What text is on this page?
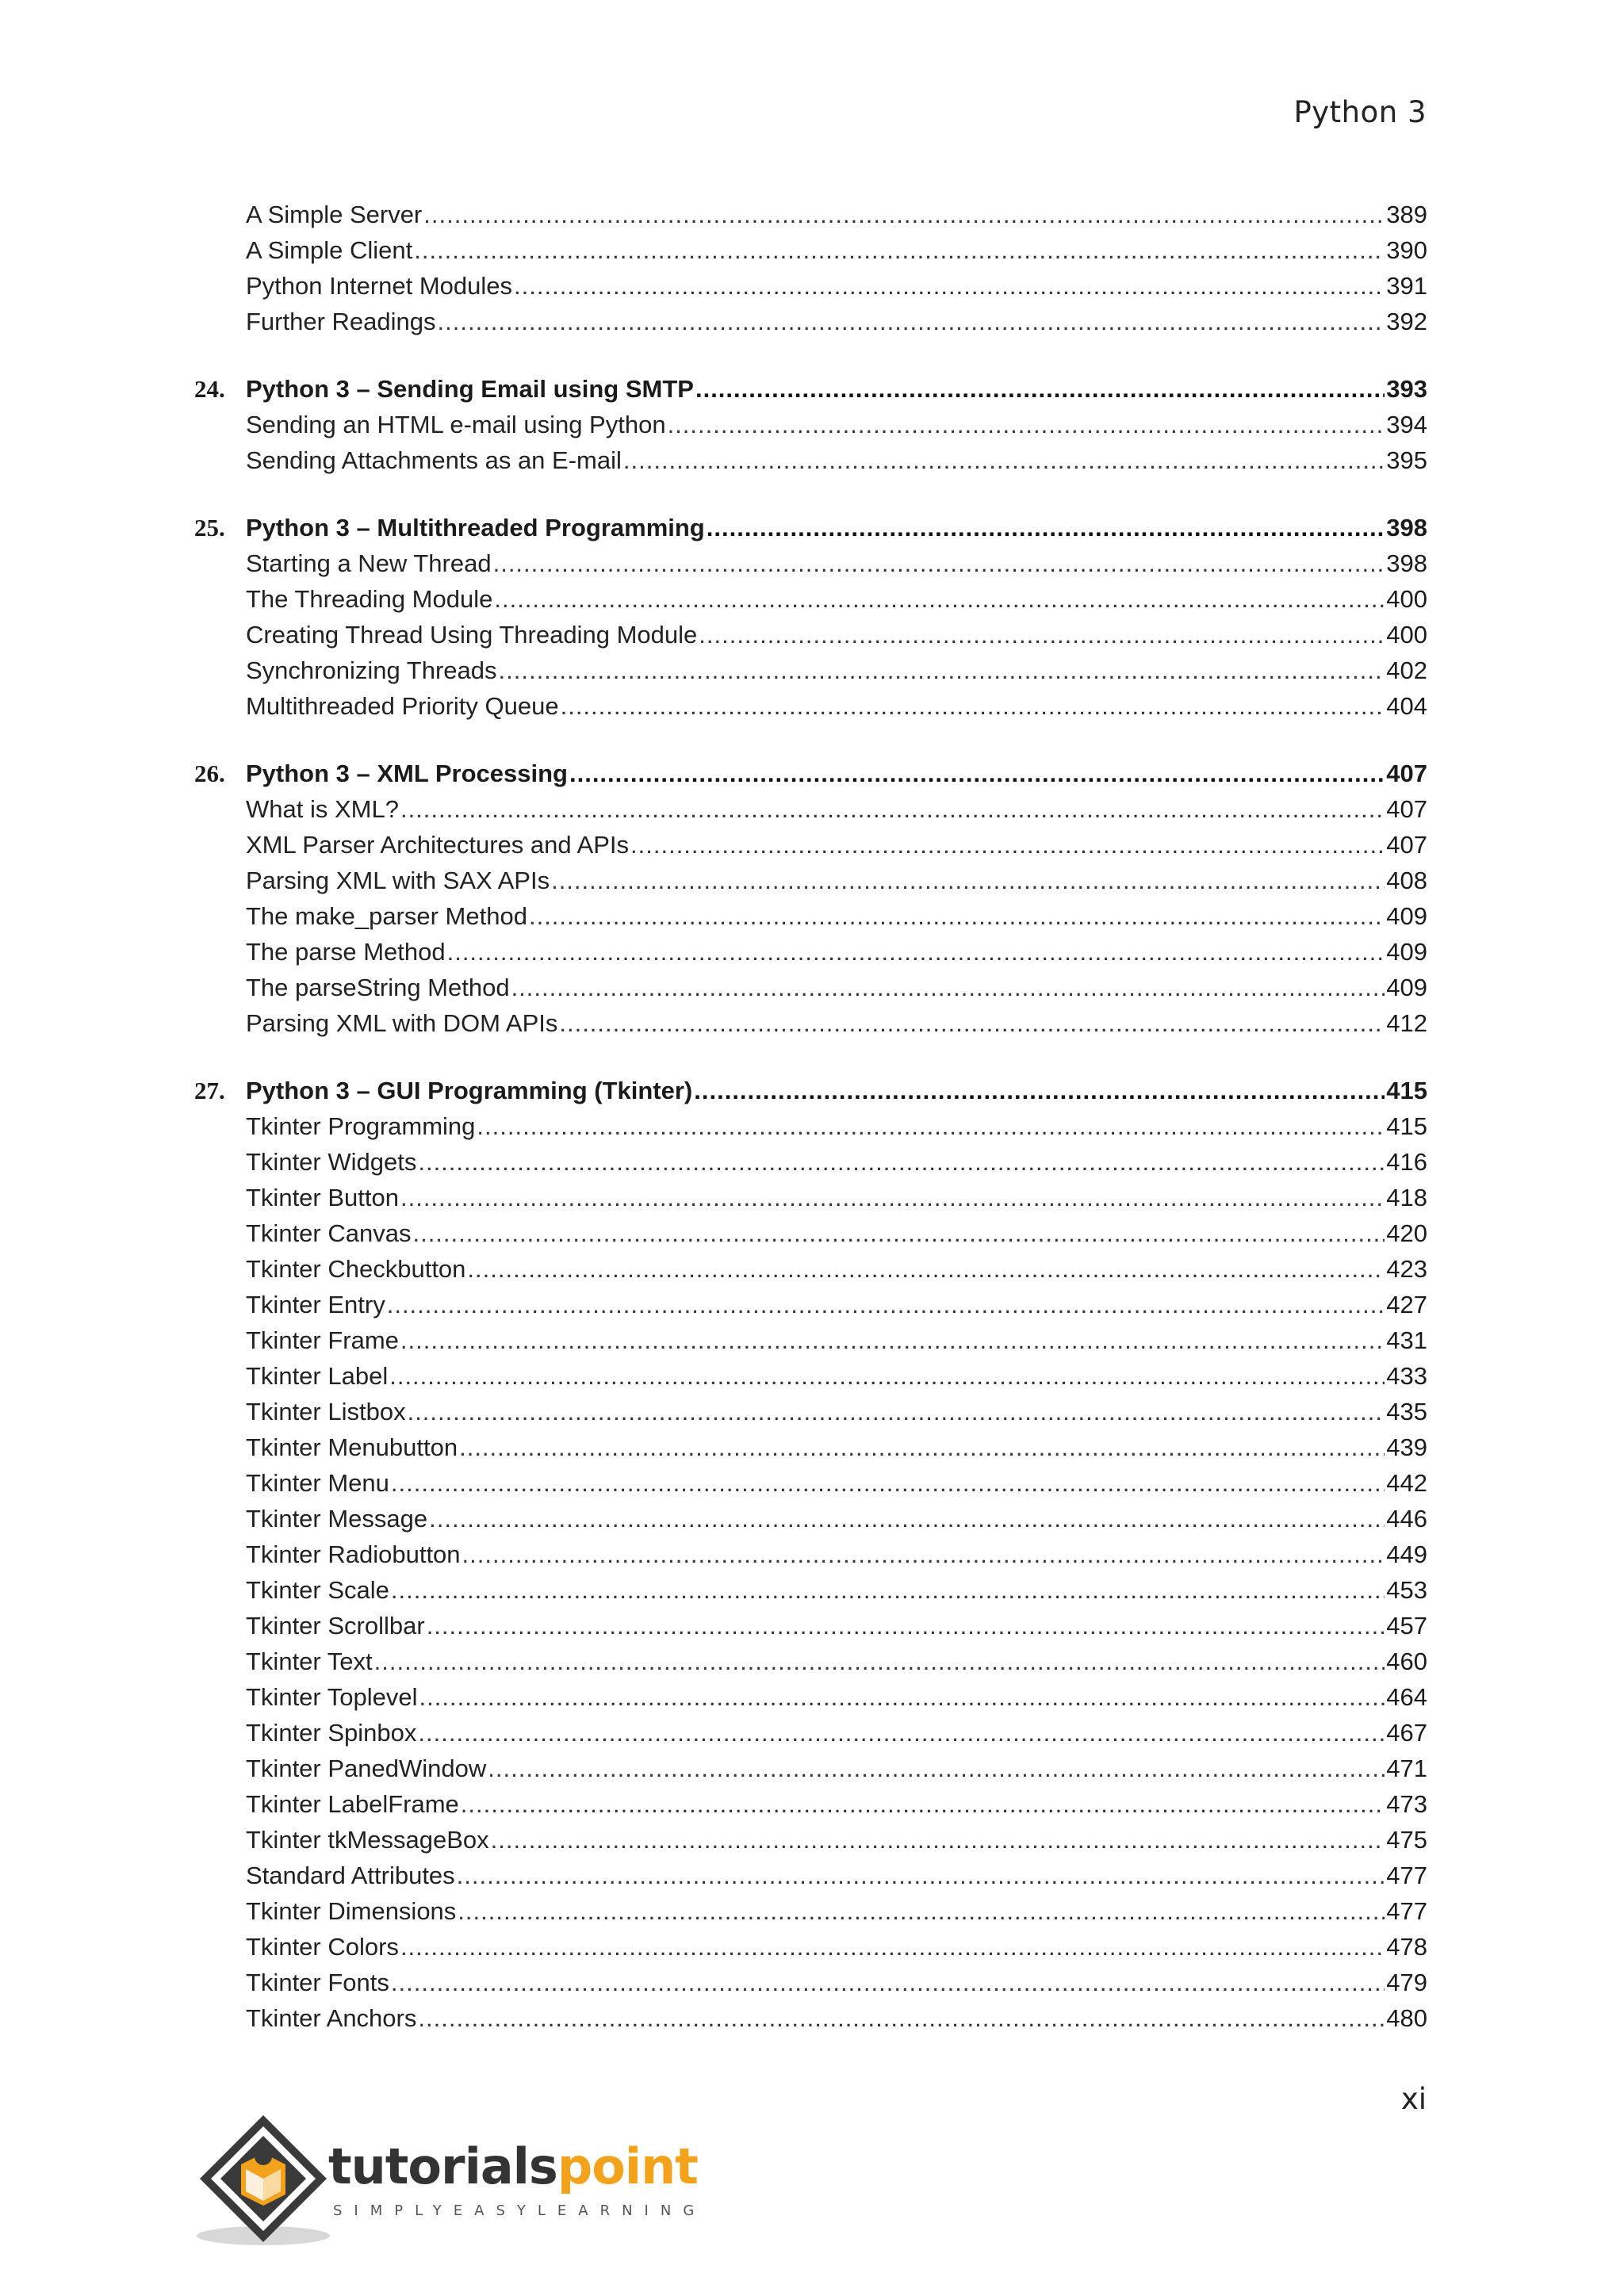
Python 3
A Simple Server .....	389
A Simple Client .....	390
Python Internet Modules .....	391
Further Readings .....	392
24. Python 3 – Sending Email using SMTP .....	393
Sending an HTML e-mail using Python .....	394
Sending Attachments as an E-mail .....	395
25. Python 3 – Multithreaded Programming .....	398
Starting a New Thread .....	398
The Threading Module .....	400
Creating Thread Using Threading Module .....	400
Synchronizing Threads .....	402
Multithreaded Priority Queue .....	404
26. Python 3 – XML Processing .....	407
What is XML? .....	407
XML Parser Architectures and APIs .....	407
Parsing XML with SAX APIs .....	408
The make_parser Method .....	409
The parse Method .....	409
The parseString Method .....	409
Parsing XML with DOM APIs .....	412
27. Python 3 – GUI Programming (Tkinter) .....	415
Tkinter Programming .....	415
Tkinter Widgets .....	416
Tkinter Button .....	418
Tkinter Canvas .....	420
Tkinter Checkbutton .....	423
Tkinter Entry .....	427
Tkinter Frame .....	431
Tkinter Label .....	433
Tkinter Listbox .....	435
Tkinter Menubutton .....	439
Tkinter Menu .....	442
Tkinter Message .....	446
Tkinter Radiobutton .....	449
Tkinter Scale .....	453
Tkinter Scrollbar .....	457
Tkinter Text .....	460
Tkinter Toplevel .....	464
Tkinter Spinbox .....	467
Tkinter PanedWindow .....	471
Tkinter LabelFrame .....	473
Tkinter tkMessageBox .....	475
Standard Attributes .....	477
Tkinter Dimensions .....	477
Tkinter Colors .....	478
Tkinter Fonts .....	479
Tkinter Anchors .....	480
xi
tutorialspoint
SIMPLYEASYLEARNING
